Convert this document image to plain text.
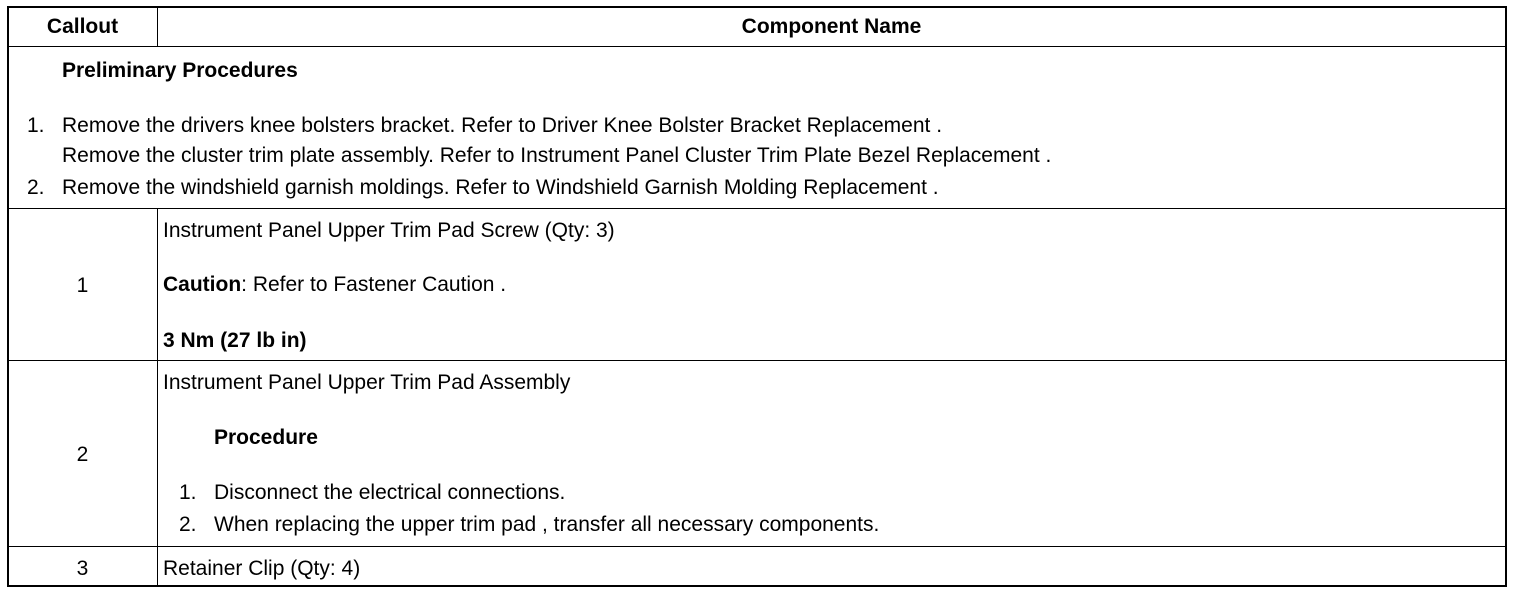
Callout	Component Name
Preliminary Procedures
1. Remove the drivers knee bolsters bracket. Refer to Driver Knee Bolster Bracket Replacement .
Remove the cluster trim plate assembly. Refer to Instrument Panel Cluster Trim Plate Bezel Replacement .
2. Remove the windshield garnish moldings. Refer to Windshield Garnish Molding Replacement .
1
Instrument Panel Upper Trim Pad Screw (Qty: 3)
Caution: Refer to Fastener Caution .
3 Nm (27 lb in)
2
Instrument Panel Upper Trim Pad Assembly
Procedure
1. Disconnect the electrical connections.
2. When replacing the upper trim pad , transfer all necessary components.
3	Retainer Clip (Qty: 4)
